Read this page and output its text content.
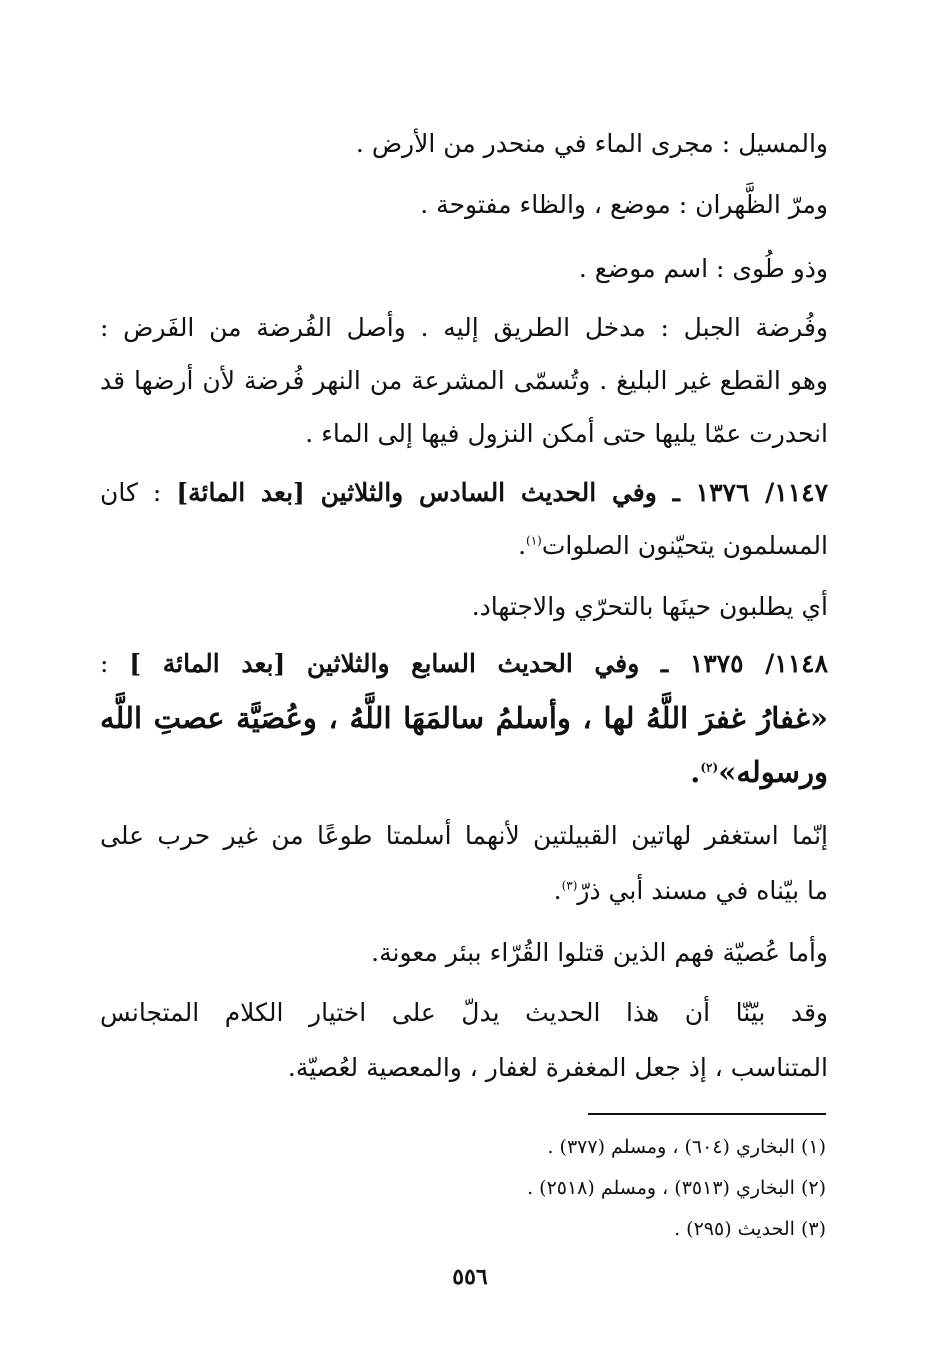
والمسيل : مجرى الماء في منحدر من الأرض .
ومرّ الظَّهران : موضع ، والظاء مفتوحة .
وذو طُوى : اسم موضع .
وفُرضة الجبل : مدخل الطريق إليه . وأصل الفُرضة من الفَرض :
وهو القطع غير البليغ . وتُسمّى المشرعة من النهر فُرضة لأن أرضها قد
انحدرت عمّا يليها حتى أمكن النزول فيها إلى الماء .
١١٤٧/ ١٣٧٦ ـ وفي الحديث السادس والثلاثين [بعد المائة] : كان
المسلمون يتحيّنون الصلوات$^{(١)}$.
أي يطلبون حينَها بالتحرّي والاجتهاد.
١١٤٨/ ١٣٧٥ ـ وفي الحديث السابع والثلاثين [بعد المائة ] :
«غفارُ غفرَ اللَّهُ لها ، وأسلمُ سالمَهَا اللَّهُ ، وعُصَيَّة عصتِ اللَّه
ورسوله»$^{(٢)}$.
إنّما استغفر لهاتين القبيلتين لأنهما أسلمتا طوعًا من غير حرب على
ما بيّناه في مسند أبي ذرّ$^{(٣)}$.
وأما عُصيّة فهم الذين قتلوا القُرّاء ببئر معونة.
وقد بيّنّا أن هذا الحديث يدلّ على اختيار الكلام المتجانس
المتناسب ، إذ جعل المغفرة لغفار ، والمعصية لعُصيّة.
(١) البخاري (٦٠٤) ، ومسلم (٣٧٧) .
(٢) البخاري (٣٥١٣) ، ومسلم (٢٥١٨) .
(٣) الحديث (٢٩٥) .
٥٥٦
